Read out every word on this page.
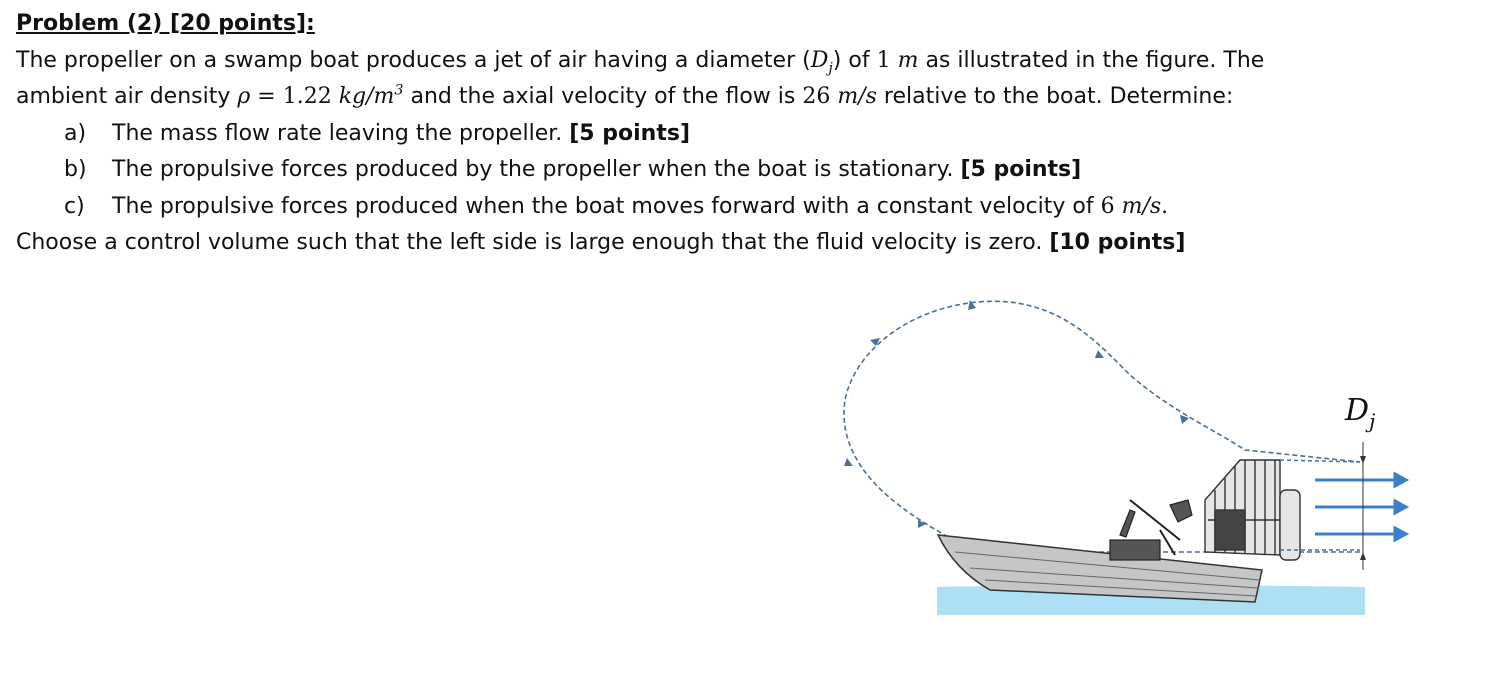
Problem (2) [20 points]:
The propeller on a swamp boat produces a jet of air having a diameter $(D_j)$ of 1 m as illustrated in the figure. The
ambient air density ρ = 1.22 $kg/m^3$ and the axial velocity of the flow is 26 m/s relative to the boat. Determine:
a) The mass flow rate leaving the propeller. [5 points]
b) The propulsive forces produced by the propeller when the boat is stationary. [5 points]
c) The propulsive forces produced when the boat moves forward with a constant velocity of 6 m/s.
Choose a control volume such that the left side is large enough that the fluid velocity is zero. [10 points]
$D_j$
